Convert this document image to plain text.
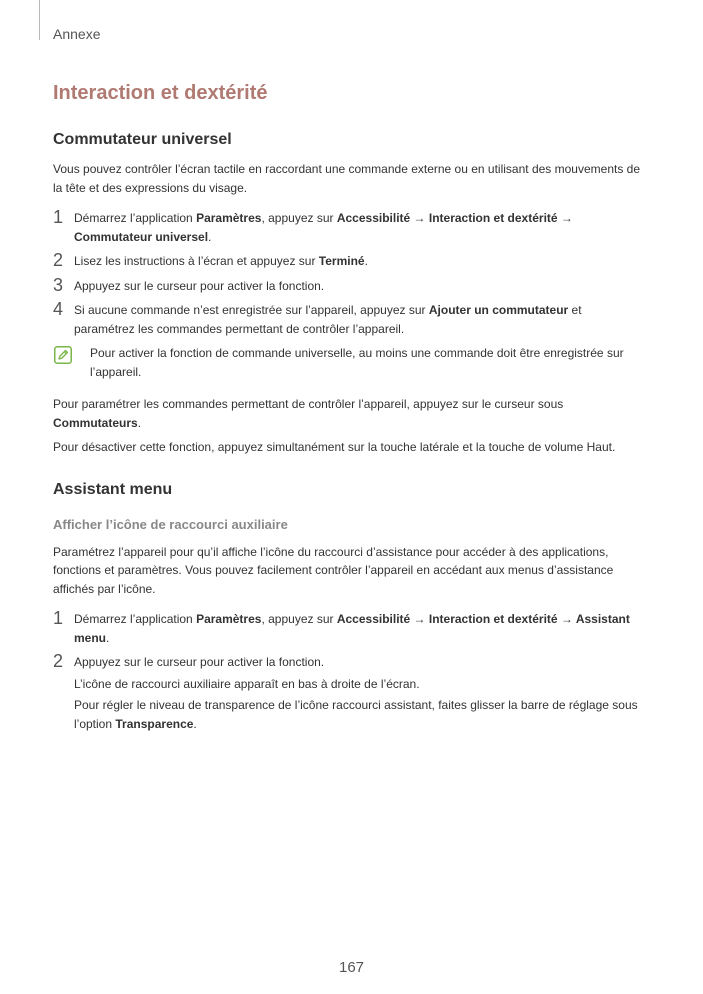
Annexe
Interaction et dextérité
Commutateur universel

Vous pouvez contrôler l’écran tactile en raccordant une commande externe ou en utilisant des mouvements de la tête et des expressions du visage.

1 Démarrez l’application Paramètres, appuyez sur Accessibilité → Interaction et dextérité →
Commutateur universel.
2 Lisez les instructions à l’écran et appuyez sur Terminé.
3 Appuyez sur le curseur pour activer la fonction.
4 Si aucune commande n’est enregistrée sur l’appareil, appuyez sur Ajouter un commutateur et paramétrez les commandes permettant de contrôler l’appareil.

Pour activer la fonction de commande universelle, au moins une commande doit être enregistrée sur l’appareil.

Pour paramétrer les commandes permettant de contrôler l’appareil, appuyez sur le curseur sous Commutateurs.

Pour désactiver cette fonction, appuyez simultanément sur la touche latérale et la touche de volume Haut.

Assistant menu
Afficher l’icône de raccourci auxiliaire

Paramétrez l’appareil pour qu’il affiche l’icône du raccourci d’assistance pour accéder à des applications, fonctions et paramètres. Vous pouvez facilement contrôler l’appareil en accédant aux menus d’assistance affichés par l’icône.

1 Démarrez l’application Paramètres, appuyez sur Accessibilité → Interaction et dextérité → Assistant menu.
2 Appuyez sur le curseur pour activer la fonction.
L’icône de raccourci auxiliaire apparaît en bas à droite de l’écran.
Pour régler le niveau de transparence de l’icône raccourci assistant, faites glisser la barre de réglage sous l’option Transparence.
167
